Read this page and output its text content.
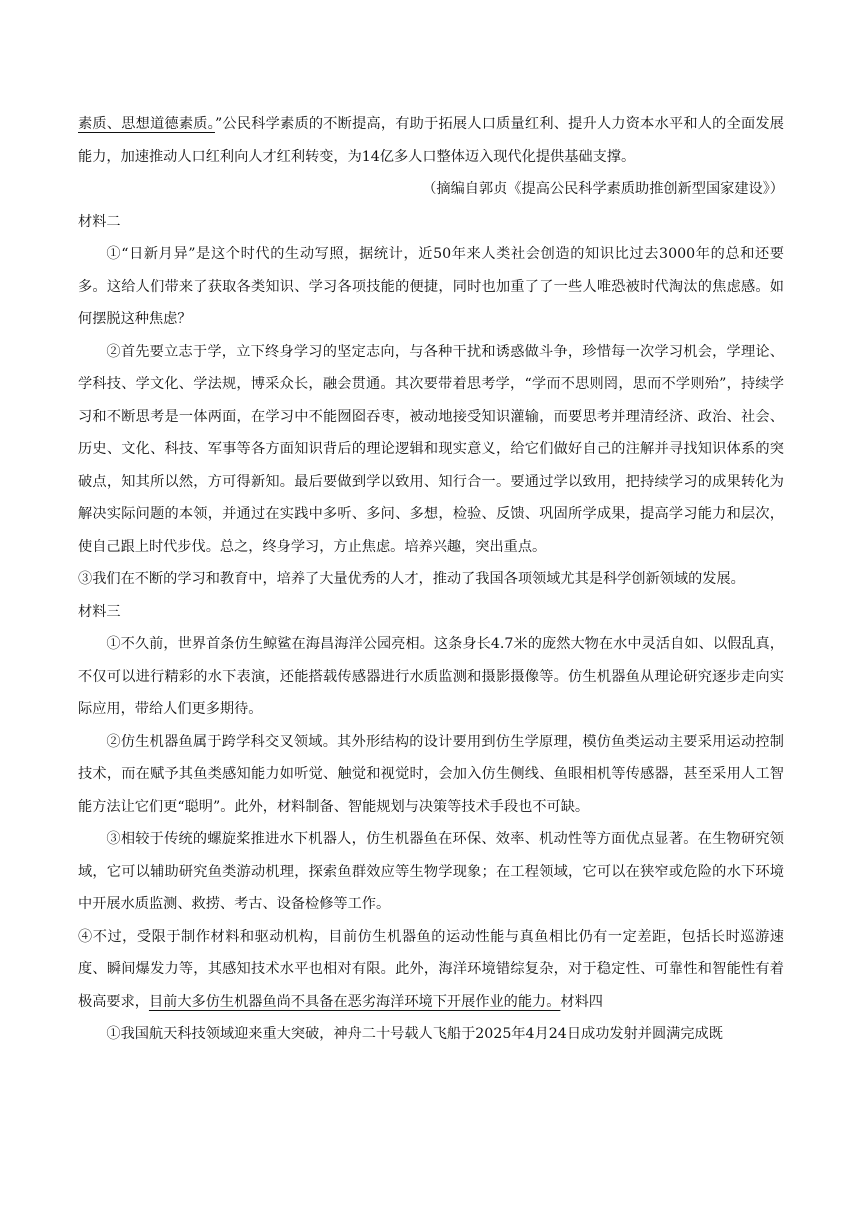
素质、思想道德素质。”公民科学素质的不断提高，有助于拓展人口质量红利、提升人力资本水平和人的全面发展能力，加速推动人口红利向人才红利转变，为14亿多人口整体迈入现代化提供基础支撑。

（摘编自郭贞《提高公民科学素质助推创新型国家建设》）

材料二

①“日新月异”是这个时代的生动写照，据统计，近50年来人类社会创造的知识比过去3000年的总和还要多。这给人们带来了获取各类知识、学习各项技能的便捷，同时也加重了了一些人唯恐被时代淘汰的焦虑感。如何摆脱这种焦虑？

②首先要立志于学，立下终身学习的坚定志向，与各种干扰和诱惑做斗争，珍惜每一次学习机会，学理论、学科技、学文化、学法规，博采众长，融会贯通。其次要带着思考学，“学而不思则罔，思而不学则殆”，持续学习和不断思考是一体两面，在学习中不能囫囵吞枣，被动地接受知识灌输，而要思考并理清经济、政治、社会、历史、文化、科技、军事等各方面知识背后的理论逻辑和现实意义，给它们做好自己的注解并寻找知识体系的突破点，知其所以然，方可得新知。最后要做到学以致用、知行合一。要通过学以致用，把持续学习的成果转化为解决实际问题的本领，并通过在实践中多听、多问、多想，检验、反馈、巩固所学成果，提高学习能力和层次，使自己跟上时代步伐。总之，终身学习，方止焦虑。培养兴趣，突出重点。

③我们在不断的学习和教育中，培养了大量优秀的人才，推动了我国各项领域尤其是科学创新领域的发展。

材料三

①不久前，世界首条仿生鲸鲨在海昌海洋公园亮相。这条身长4.7米的庞然大物在水中灵活自如、以假乱真，不仅可以进行精彩的水下表演，还能搭载传感器进行水质监测和摄影摄像等。仿生机器鱼从理论研究逐步走向实际应用，带给人们更多期待。

②仿生机器鱼属于跨学科交叉领域。其外形结构的设计要用到仿生学原理，模仿鱼类运动主要采用运动控制技术，而在赋予其鱼类感知能力如听觉、触觉和视觉时，会加入仿生侧线、鱼眼相机等传感器，甚至采用人工智能方法让它们更“聪明”。此外，材料制备、智能规划与决策等技术手段也不可缺。

③相较于传统的螺旋桨推进水下机器人，仿生机器鱼在环保、效率、机动性等方面优点显著。在生物研究领域，它可以辅助研究鱼类游动机理，探索鱼群效应等生物学现象；在工程领域，它可以在狭窄或危险的水下环境中开展水质监测、救捞、考古、设备检修等工作。

④不过，受限于制作材料和驱动机构，目前仿生机器鱼的运动性能与真鱼相比仍有一定差距，包括长时巡游速度、瞬间爆发力等，其感知技术水平也相对有限。此外，海洋环境错综复杂，对于稳定性、可靠性和智能性有着极高要求，目前大多仿生机器鱼尚不具备在恶劣海洋环境下开展作业的能力。材料四

①我国航天科技领域迎来重大突破，神舟二十号载人飞船于2025年4月24日成功发射并圆满完成既
